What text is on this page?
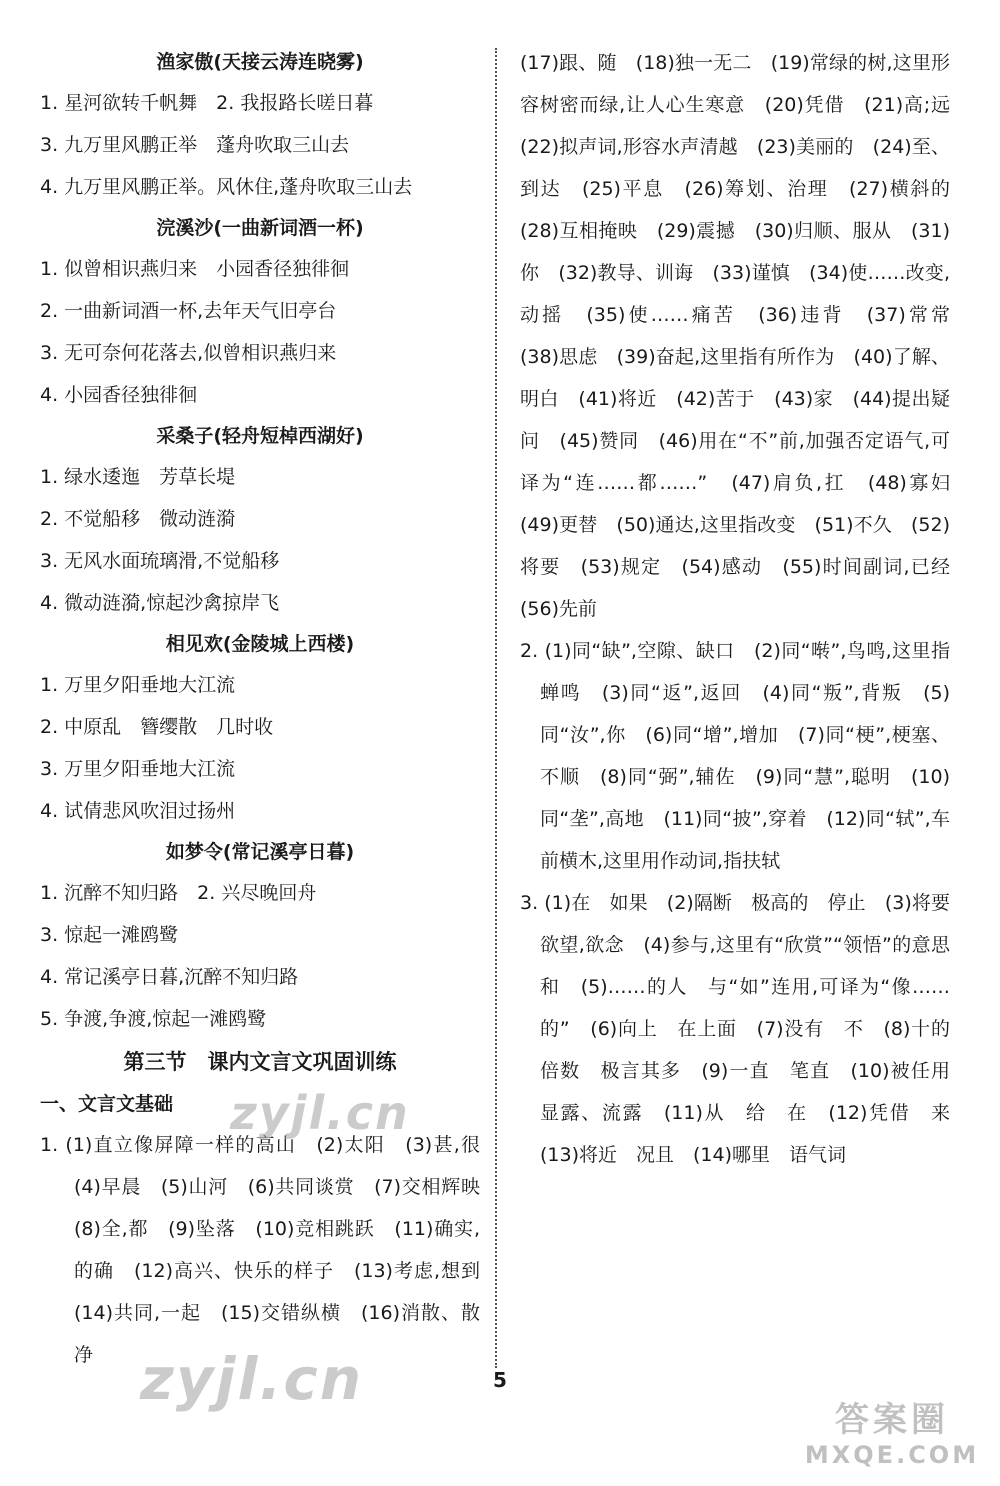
渔家傲(天接云涛连晓雾)

1. 星河欲转千帆舞　2. 我报路长嗟日暮

3. 九万里风鹏正举　蓬舟吹取三山去

4. 九万里风鹏正举。风休住,蓬舟吹取三山去

浣溪沙(一曲新词酒一杯)

1. 似曾相识燕归来　小园香径独徘徊

2. 一曲新词酒一杯,去年天气旧亭台

3. 无可奈何花落去,似曾相识燕归来

4. 小园香径独徘徊

采桑子(轻舟短棹西湖好)

1. 绿水逶迤　芳草长堤

2. 不觉船移　微动涟漪

3. 无风水面琉璃滑,不觉船移

4. 微动涟漪,惊起沙禽掠岸飞

相见欢(金陵城上西楼)

1. 万里夕阳垂地大江流

2. 中原乱　簪缨散　几时收

3. 万里夕阳垂地大江流

4. 试倩悲风吹泪过扬州

如梦令(常记溪亭日暮)

1. 沉醉不知归路　2. 兴尽晚回舟

3. 惊起一滩鸥鹭

4. 常记溪亭日暮,沉醉不知归路

5. 争渡,争渡,惊起一滩鸥鹭

第三节　课内文言文巩固训练

一、文言文基础

1. (1)直立像屏障一样的高山　(2)太阳　(3)甚,很　(4)早晨　(5)山河　(6)共同谈赏　(7)交相辉映　(8)全,都　(9)坠落　(10)竞相跳跃　(11)确实,的确　(12)高兴、快乐的样子　(13)考虑,想到　(14)共同,一起　(15)交错纵横　(16)消散、散净

(17)跟、随　(18)独一无二　(19)常绿的树,这里形容树密而绿,让人心生寒意　(20)凭借　(21)高;远　(22)拟声词,形容水声清越　(23)美丽的　(24)至、到达　(25)平息　(26)筹划、治理　(27)横斜的　(28)互相掩映　(29)震撼　(30)归顺、服从　(31)你　(32)教导、训诲　(33)谨慎　(34)使……改变,动摇　(35)使……痛苦　(36)违背　(37)常常　(38)思虑　(39)奋起,这里指有所作为　(40)了解、明白　(41)将近　(42)苦于　(43)家　(44)提出疑问　(45)赞同　(46)用在“不”前,加强否定语气,可译为“连……都……”　(47)肩负,扛　(48)寡妇　(49)更替　(50)通达,这里指改变　(51)不久　(52)将要　(53)规定　(54)感动　(55)时间副词,已经　(56)先前

2. (1)同“缺”,空隙、缺口　(2)同“啭”,鸟鸣,这里指蝉鸣　(3)同“返”,返回　(4)同“叛”,背叛　(5)同“汝”,你　(6)同“增”,增加　(7)同“梗”,梗塞、不顺　(8)同“弼”,辅佐　(9)同“慧”,聪明　(10)同“垄”,高地　(11)同“披”,穿着　(12)同“轼”,车前横木,这里用作动词,指扶轼

3. (1)在　如果　(2)隔断　极高的　停止　(3)将要　欲望,欲念　(4)参与,这里有“欣赏”“领悟”的意思　和　(5)……的人　与“如”连用,可译为“像……的”　(6)向上　在上面　(7)没有　不　(8)十的倍数　极言其多　(9)一直　笔直　(10)被任用　显露、流露　(11)从　给　在　(12)凭借　来　(13)将近　况且　(14)哪里　语气词

5
zyjl.cn
zyjl.cn
答案圈
MXQE.COM
